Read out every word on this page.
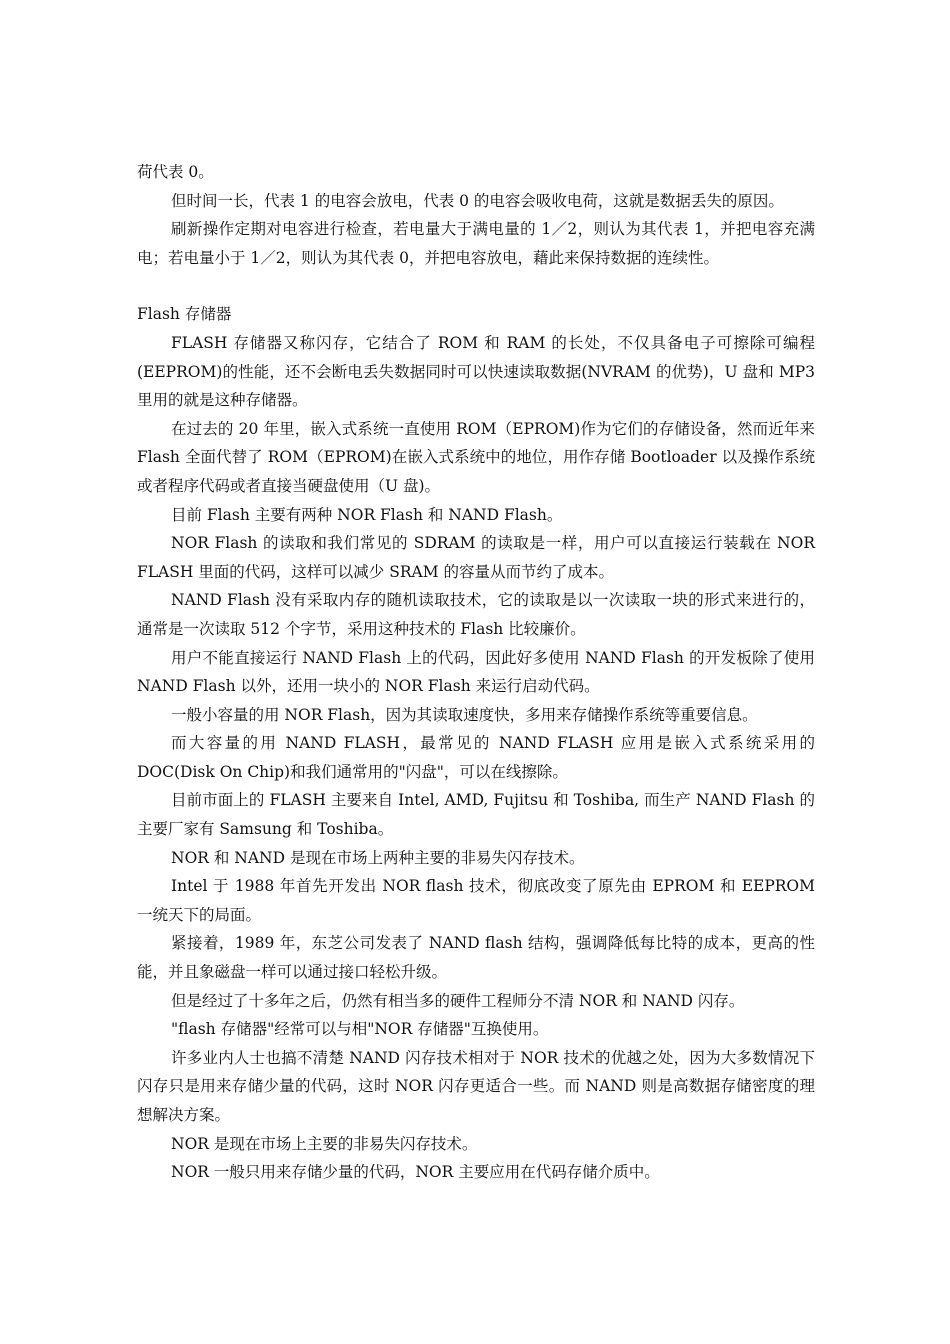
荷代表 0。

但时间一长，代表 1 的电容会放电，代表 0 的电容会吸收电荷，这就是数据丢失的原因。

刷新操作定期对电容进行检查，若电量大于满电量的 1／2，则认为其代表 1，并把电容充满电；若电量小于 1／2，则认为其代表 0，并把电容放电，藉此来保持数据的连续性。

Flash 存储器

FLASH 存储器又称闪存，它结合了 ROM 和 RAM 的长处，不仅具备电子可擦除可编程(EEPROM)的性能，还不会断电丢失数据同时可以快速读取数据(NVRAM 的优势)，U 盘和 MP3 里用的就是这种存储器。

在过去的 20 年里，嵌入式系统一直使用 ROM（EPROM)作为它们的存储设备，然而近年来 Flash 全面代替了 ROM（EPROM)在嵌入式系统中的地位，用作存储 Bootloader 以及操作系统或者程序代码或者直接当硬盘使用（U 盘)。

目前 Flash 主要有两种 NOR Flash 和 NAND Flash。

NOR Flash 的读取和我们常见的 SDRAM 的读取是一样，用户可以直接运行装载在 NOR FLASH 里面的代码，这样可以减少 SRAM 的容量从而节约了成本。

NAND Flash 没有采取内存的随机读取技术，它的读取是以一次读取一块的形式来进行的，通常是一次读取 512 个字节，采用这种技术的 Flash 比较廉价。

用户不能直接运行 NAND Flash 上的代码，因此好多使用 NAND Flash 的开发板除了使用 NAND Flash 以外，还用一块小的 NOR Flash 来运行启动代码。

一般小容量的用 NOR Flash，因为其读取速度快，多用来存储操作系统等重要信息。

而大容量的用 NAND FLASH，最常见的 NAND FLASH 应用是嵌入式系统采用的 DOC(Disk On Chip)和我们通常用的"闪盘"，可以在线擦除。

目前市面上的 FLASH 主要来自 Intel, AMD, Fujitsu 和 Toshiba, 而生产 NAND Flash 的主要厂家有 Samsung 和 Toshiba。

NOR 和 NAND 是现在市场上两种主要的非易失闪存技术。

Intel 于 1988 年首先开发出 NOR flash 技术，彻底改变了原先由 EPROM 和 EEPROM 一统天下的局面。

紧接着，1989 年，东芝公司发表了 NAND flash 结构，强调降低每比特的成本，更高的性能，并且象磁盘一样可以通过接口轻松升级。

但是经过了十多年之后，仍然有相当多的硬件工程师分不清 NOR 和 NAND 闪存。

"flash 存储器"经常可以与相"NOR 存储器"互换使用。

许多业内人士也搞不清楚 NAND 闪存技术相对于 NOR 技术的优越之处，因为大多数情况下闪存只是用来存储少量的代码，这时 NOR 闪存更适合一些。而 NAND 则是高数据存储密度的理想解决方案。

NOR 是现在市场上主要的非易失闪存技术。

NOR 一般只用来存储少量的代码，NOR 主要应用在代码存储介质中。
